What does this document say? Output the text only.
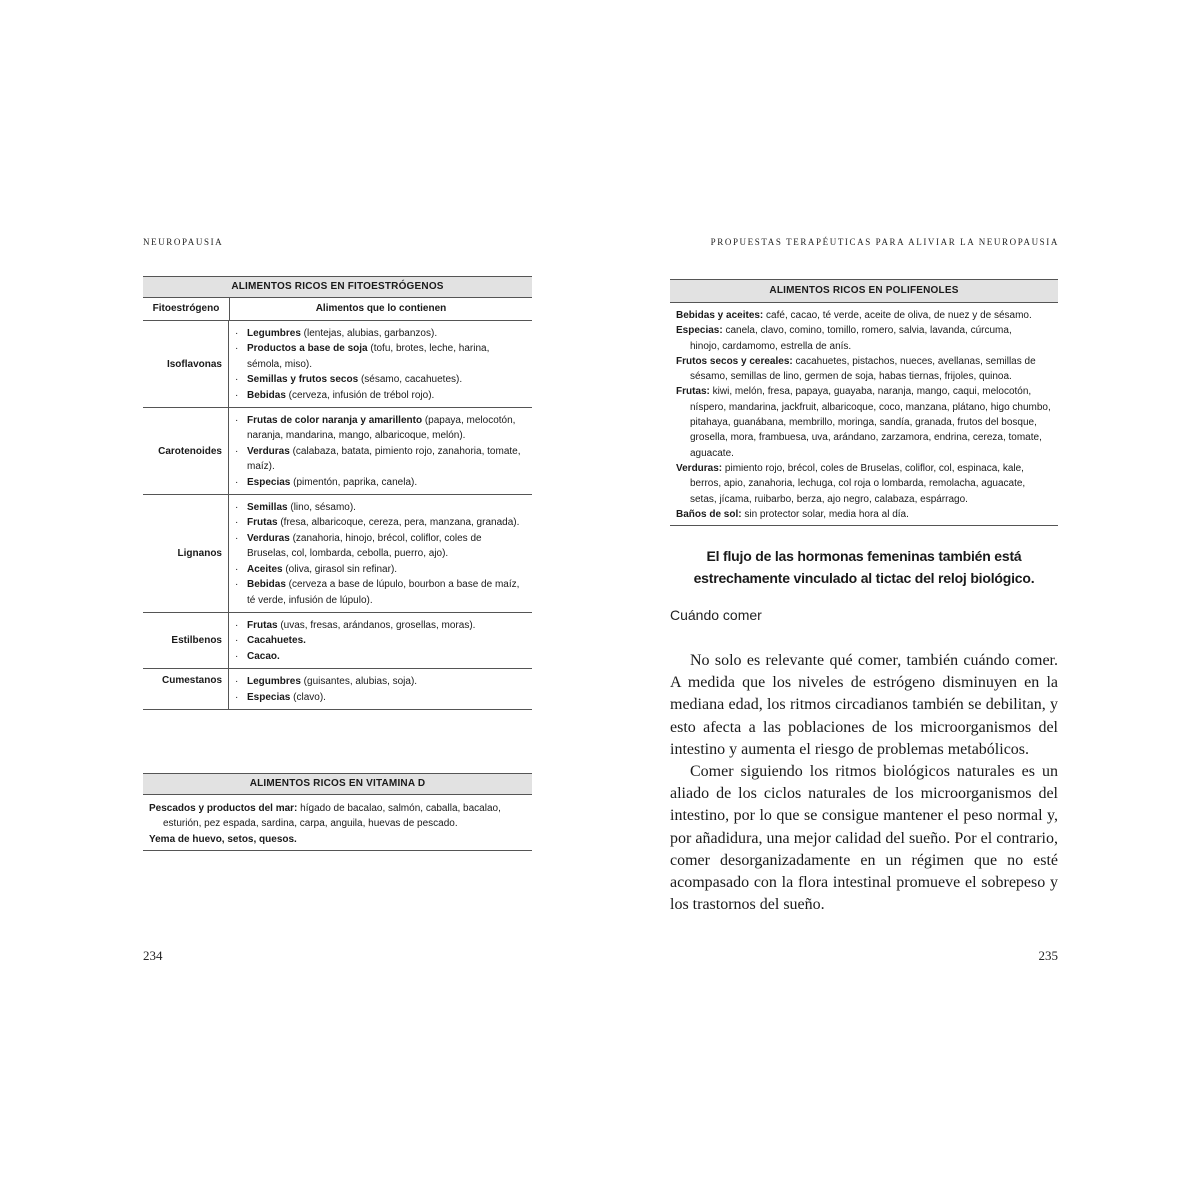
NEUROPAUSIA
ALIMENTOS RICOS EN FITOESTRÓGENOS
Fitoestrógeno	Alimentos que lo contienen
Isoflavonas
· Legumbres (lentejas, alubias, garbanzos).
· Productos a base de soja (tofu, brotes, leche, harina, sémola, miso).
· Semillas y frutos secos (sésamo, cacahuetes).
· Bebidas (cerveza, infusión de trébol rojo).
Carotenoides
· Frutas de color naranja y amarillento (papaya, melocotón, naranja, mandarina, mango, albaricoque, melón).
· Verduras (calabaza, batata, pimiento rojo, zanahoria, tomate, maíz).
· Especias (pimentón, paprika, canela).
Lignanos
· Semillas (lino, sésamo).
· Frutas (fresa, albaricoque, cereza, pera, manzana, granada).
· Verduras (zanahoria, hinojo, brécol, coliflor, coles de Bruselas, col, lombarda, cebolla, puerro, ajo).
· Aceites (oliva, girasol sin refinar).
· Bebidas (cerveza a base de lúpulo, bourbon a base de maíz, té verde, infusión de lúpulo).
Estilbenos
· Frutas (uvas, fresas, arándanos, grosellas, moras).
· Cacahuetes.
· Cacao.
Cumestanos
·	Legumbres (guisantes, alubias, soja).
· Especias (clavo).
ALIMENTOS RICOS EN VITAMINA D
Pescados y productos del mar: hígado de bacalao, salmón, caballa, bacalao,
esturión, pez espada, sardina, carpa, anguila, huevas de pescado.
Yema de huevo, setos, quesos.
234
PROPUESTAS TERAPÉUTICAS PARA ALIVIAR LA NEUROPAUSIA
235
ALIMENTOS RICOS EN POLIFENOLES
Bebidas y aceites: café, cacao, té verde, aceite de oliva, de nuez y de sésamo.
Especias: canela, clavo, comino, tomillo, romero, salvia, lavanda, cúrcuma,
hinojo, cardamomo, estrella de anís.
Frutos secos y cereales: cacahuetes, pistachos, nueces, avellanas, semillas de
sésamo, semillas de lino, germen de soja, habas tiernas, frijoles, quinoa.
Frutas: kiwi, melón, fresa, papaya, guayaba, naranja, mango, caqui, melocotón,
níspero, mandarina, jackfruit, albaricoque, coco, manzana, plátano, higo chumbo, pitahaya, guanábana, membrillo, moringa, sandía, granada, frutos del bosque, grosella, mora, frambuesa, uva, arándano, zarzamora, endrina, cereza, tomate, aguacate.
Verduras: pimiento rojo, brécol, coles de Bruselas, coliflor, col, espinaca, kale,
berros, apio, zanahoria, lechuga, col roja o lombarda, remolacha, aguacate, setas, jícama, ruibarbo, berza, ajo negro, calabaza, espárrago.
Baños de sol: sin protector solar, media hora al día.
El flujo de las hormonas femeninas también está
estrechamente vinculado al tictac del reloj biológico.
Cuándo comer

No solo es relevante qué comer, también cuándo comer. A medida que los niveles de estrógeno disminuyen en la mediana edad, los ritmos circadianos también se debilitan, y esto afecta a las poblaciones de los microorganismos del intestino y aumenta el riesgo de problemas metabólicos.

Comer siguiendo los ritmos biológicos naturales es un aliado de los ciclos naturales de los microorganismos del intestino, por lo que se consigue mantener el peso normal y, por añadidura, una mejor calidad del sueño. Por el contrario, comer desorganizadamente en un régimen que no esté acompasado con la flora intestinal promueve el sobrepeso y los trastornos del sueño.
